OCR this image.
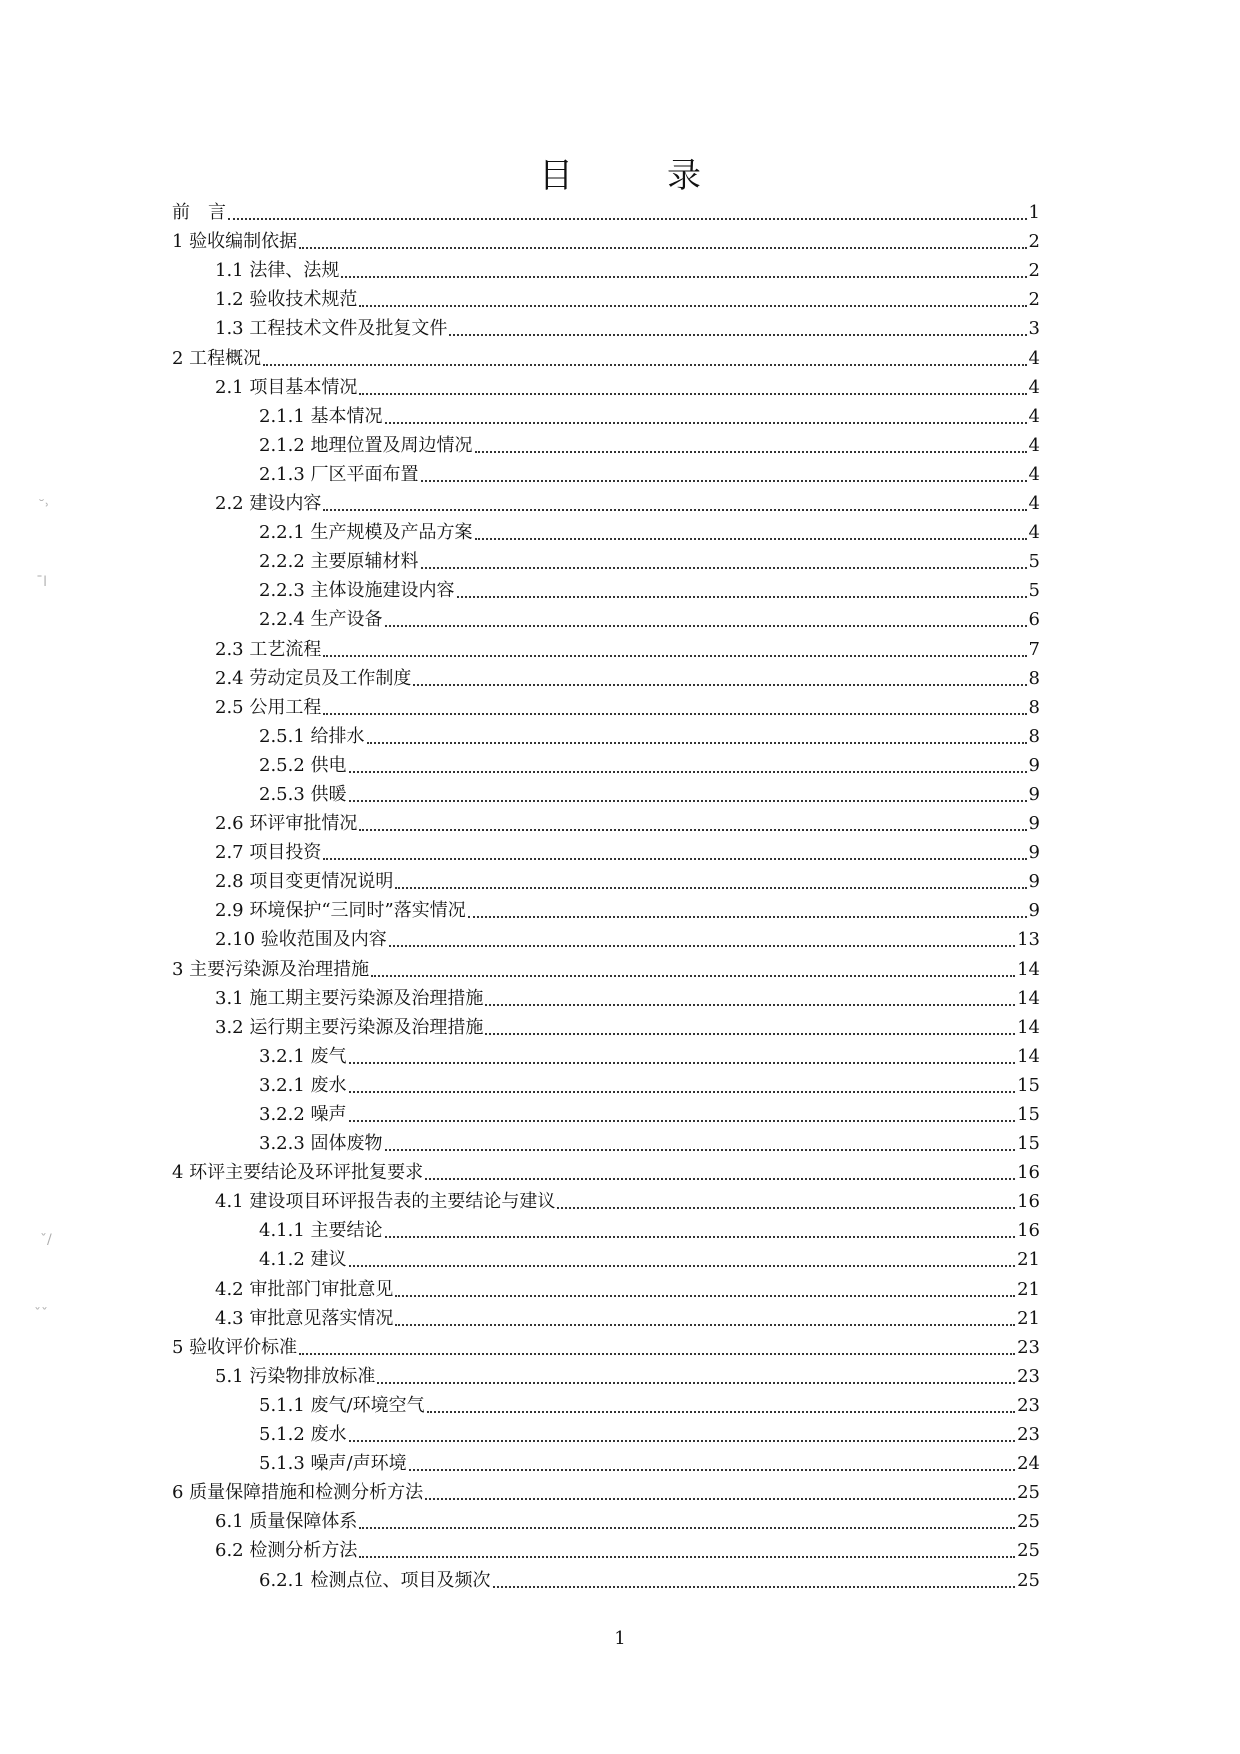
目　录
前　言	1
1 验收编制依据	2
1.1 法律、法规	2
1.2 验收技术规范	2
1.3 工程技术文件及批复文件	3
2 工程概况	4
2.1 项目基本情况	4
2.1.1 基本情况	4
2.1.2 地理位置及周边情况	4
2.1.3 厂区平面布置	4
2.2 建设内容	4
2.2.1 生产规模及产品方案	4
2.2.2 主要原辅材料	5
2.2.3 主体设施建设内容	5
2.2.4 生产设备	6
2.3 工艺流程	7
2.4 劳动定员及工作制度	8
2.5 公用工程	8
2.5.1 给排水	8
2.5.2 供电	9
2.5.3 供暖	9
2.6 环评审批情况	9
2.7 项目投资	9
2.8 项目变更情况说明	9
2.9 环境保护“三同时”落实情况	9
2.10 验收范围及内容	13
3 主要污染源及治理措施	14
3.1 施工期主要污染源及治理措施	14
3.2 运行期主要污染源及治理措施	14
3.2.1 废气	14
3.2.1 废水	15
3.2.2 噪声	15
3.2.3 固体废物	15
4 环评主要结论及环评批复要求	16
4.1 建设项目环评报告表的主要结论与建议	16
4.1.1 主要结论	16
4.1.2 建议	21
4.2 审批部门审批意见	21
4.3 审批意见落实情况	21
5 验收评价标准	23
5.1 污染物排放标准	23
5.1.1 废气/环境空气	23
5.1.2 废水	23
5.1.3 噪声/声环境	24
6 质量保障措施和检测分析方法	25
6.1 质量保障体系	25
6.2 检测分析方法	25
6.2.1 检测点位、项目及频次	25
1
˘˒
ˉǀ
ˇ/
ˇˇ
